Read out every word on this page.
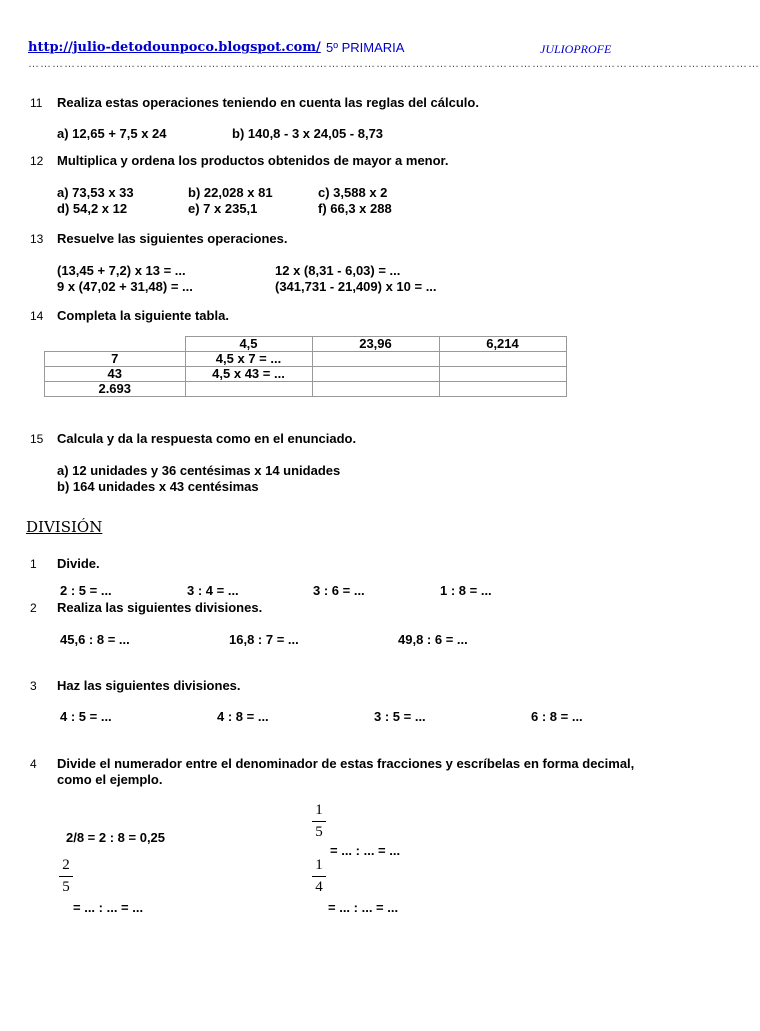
http://julio-detodounpoco.blogspot.com/ 5º PRIMARIA	JULIOPROFE
…………………………………………………………………………………………………………………………………………………………………
11 Realiza estas operaciones teniendo en cuenta las reglas del cálculo.
a) 12,65 + 7,5 x 24	b) 140,8 - 3 x 24,05 - 8,73
12 Multiplica y ordena los productos obtenidos de mayor a menor.
a) 73,53 x 33	b) 22,028 x 81	c) 3,588 x 2
d) 54,2 x 12	e) 7 x 235,1	f) 66,3 x 288
13 Resuelve las siguientes operaciones.
(13,45 + 7,2) x 13 = ...	12 x (8,31 - 6,03) = ...
9 x (47,02 + 31,48) = ...	(341,731 - 21,409) x 10 = ...
14 Completa la siguiente tabla.
	4,5	23,96	6,214
7	4,5 x 7 = ...		
43	4,5 x 43 = ...		
2.693			
15 Calcula y da la respuesta como en el enunciado.
a) 12 unidades y 36 centésimas x 14 unidades
b) 164 unidades x 43 centésimas
DIVISIÓN
1 Divide.
2 : 5 = ...	3 : 4 = ...	3 : 6 = ...	1 : 8 = ...
2 Realiza las siguientes divisiones.
45,6 : 8 = ...	16,8 : 7 = ...	49,8 : 6 = ...
3 Haz las siguientes divisiones.
4 : 5 = ...	4 : 8 = ...	3 : 5 = ...	6 : 8 = ...
4 Divide el numerador entre el denominador de estas fracciones y escríbelas en forma decimal,
como el ejemplo.
2/8 = 2 : 8 = 0,25
1
5
= ... : ... = ...
2
5
= ... : ... = ...
1
4
= ... : ... = ...
